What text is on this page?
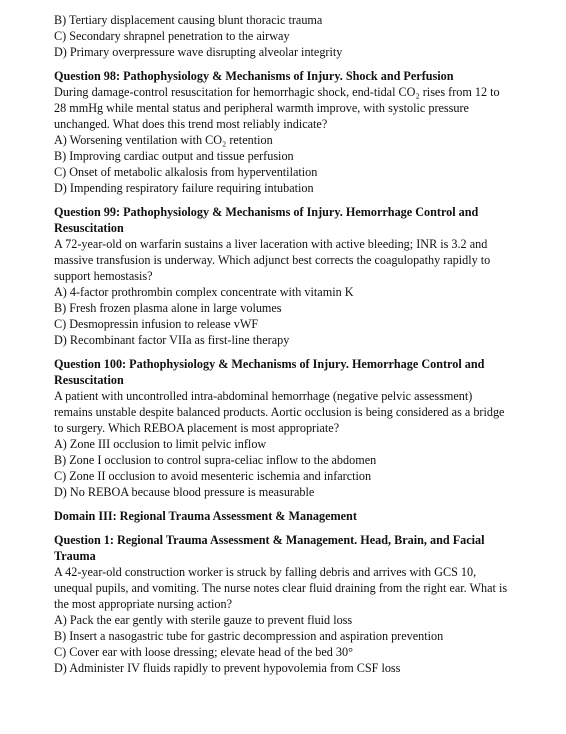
B) Tertiary displacement causing blunt thoracic trauma
C) Secondary shrapnel penetration to the airway
D) Primary overpressure wave disrupting alveolar integrity
Question 98: Pathophysiology & Mechanisms of Injury. Shock and Perfusion
During damage-control resuscitation for hemorrhagic shock, end-tidal CO₂ rises from 12 to
28 mmHg while mental status and peripheral warmth improve, with systolic pressure
unchanged. What does this trend most reliably indicate?
A) Worsening ventilation with CO₂ retention
B) Improving cardiac output and tissue perfusion
C) Onset of metabolic alkalosis from hyperventilation
D) Impending respiratory failure requiring intubation
Question 99: Pathophysiology & Mechanisms of Injury. Hemorrhage Control and
Resuscitation
A 72-year-old on warfarin sustains a liver laceration with active bleeding; INR is 3.2 and
massive transfusion is underway. Which adjunct best corrects the coagulopathy rapidly to
support hemostasis?
A) 4-factor prothrombin complex concentrate with vitamin K
B) Fresh frozen plasma alone in large volumes
C) Desmopressin infusion to release vWF
D) Recombinant factor VIIa as first-line therapy
Question 100: Pathophysiology & Mechanisms of Injury. Hemorrhage Control and
Resuscitation
A patient with uncontrolled intra-abdominal hemorrhage (negative pelvic assessment)
remains unstable despite balanced products. Aortic occlusion is being considered as a bridge
to surgery. Which REBOA placement is most appropriate?
A) Zone III occlusion to limit pelvic inflow
B) Zone I occlusion to control supra-celiac inflow to the abdomen
C) Zone II occlusion to avoid mesenteric ischemia and infarction
D) No REBOA because blood pressure is measurable
Domain III: Regional Trauma Assessment & Management
Question 1: Regional Trauma Assessment & Management. Head, Brain, and Facial
Trauma
A 42-year-old construction worker is struck by falling debris and arrives with GCS 10,
unequal pupils, and vomiting. The nurse notes clear fluid draining from the right ear. What is
the most appropriate nursing action?
A) Pack the ear gently with sterile gauze to prevent fluid loss
B) Insert a nasogastric tube for gastric decompression and aspiration prevention
C) Cover ear with loose dressing; elevate head of the bed 30°
D) Administer IV fluids rapidly to prevent hypovolemia from CSF loss
